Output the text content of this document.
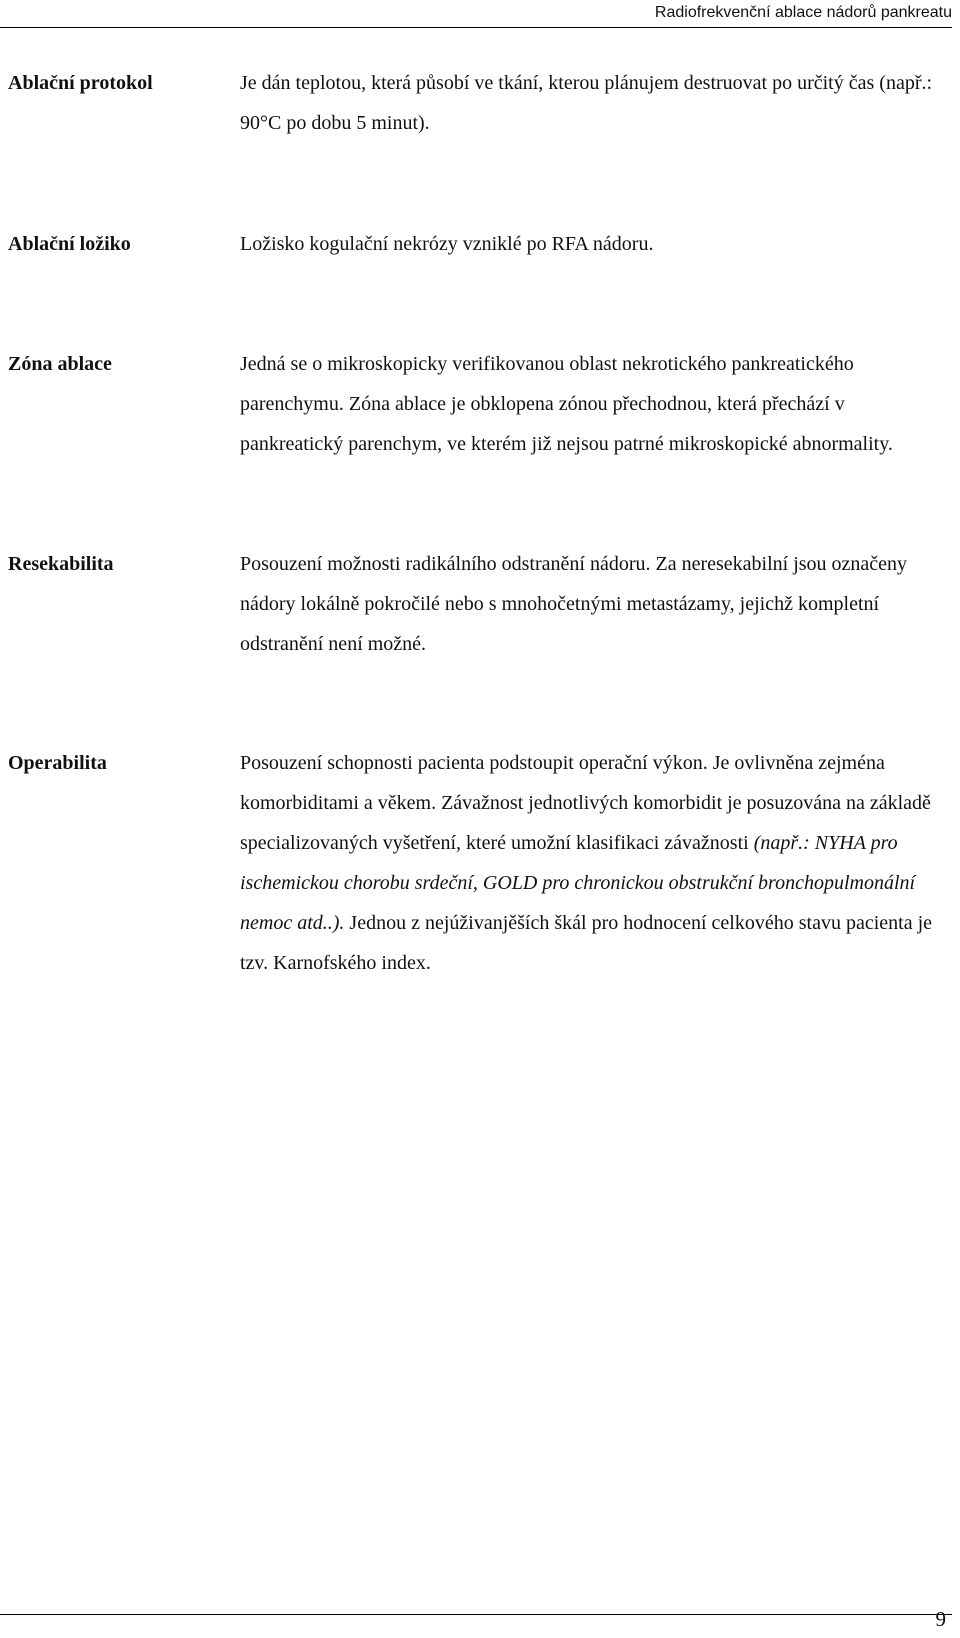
Radiofrekvenční ablace nádorů pankreatu
Ablační protokol	Je dán teplotou, která působí ve tkání, kterou plánujem destruovat po určitý čas (např.: 90°C po dobu 5 minut).

Ablační ložiko	Ložisko kogulační nekrózy vzniklé po RFA nádoru.

Zóna ablace	Jedná se o mikroskopicky verifikovanou oblast nekrotického pankreatického parenchymu. Zóna ablace je obklopena zónou přechodnou, která přechází v pankreatický parenchym, ve kterém již nejsou patrné mikroskopické abnormality.

Resekabilita	Posouzení možnosti radikálního odstranění nádoru. Za neresekabilní jsou označeny nádory lokálně pokročilé nebo s mnohočetnými metastázamy, jejichž kompletní odstranění není možné.

Operabilita	Posouzení schopnosti pacienta podstoupit operační výkon. Je ovlivněna zejména komorbiditami a věkem. Závažnost jednotlivých komorbidit je posuzována na základě specializovaných vyšetření, které umožní klasifikaci závažnosti (např.: NYHA pro ischemickou chorobu srdeční, GOLD pro chronickou obstrukční bronchopulmonální nemoc atd..). Jednou z nejúživanjěších škál pro hodnocení celkového stavu pacienta je tzv. Karnofského index.

9
